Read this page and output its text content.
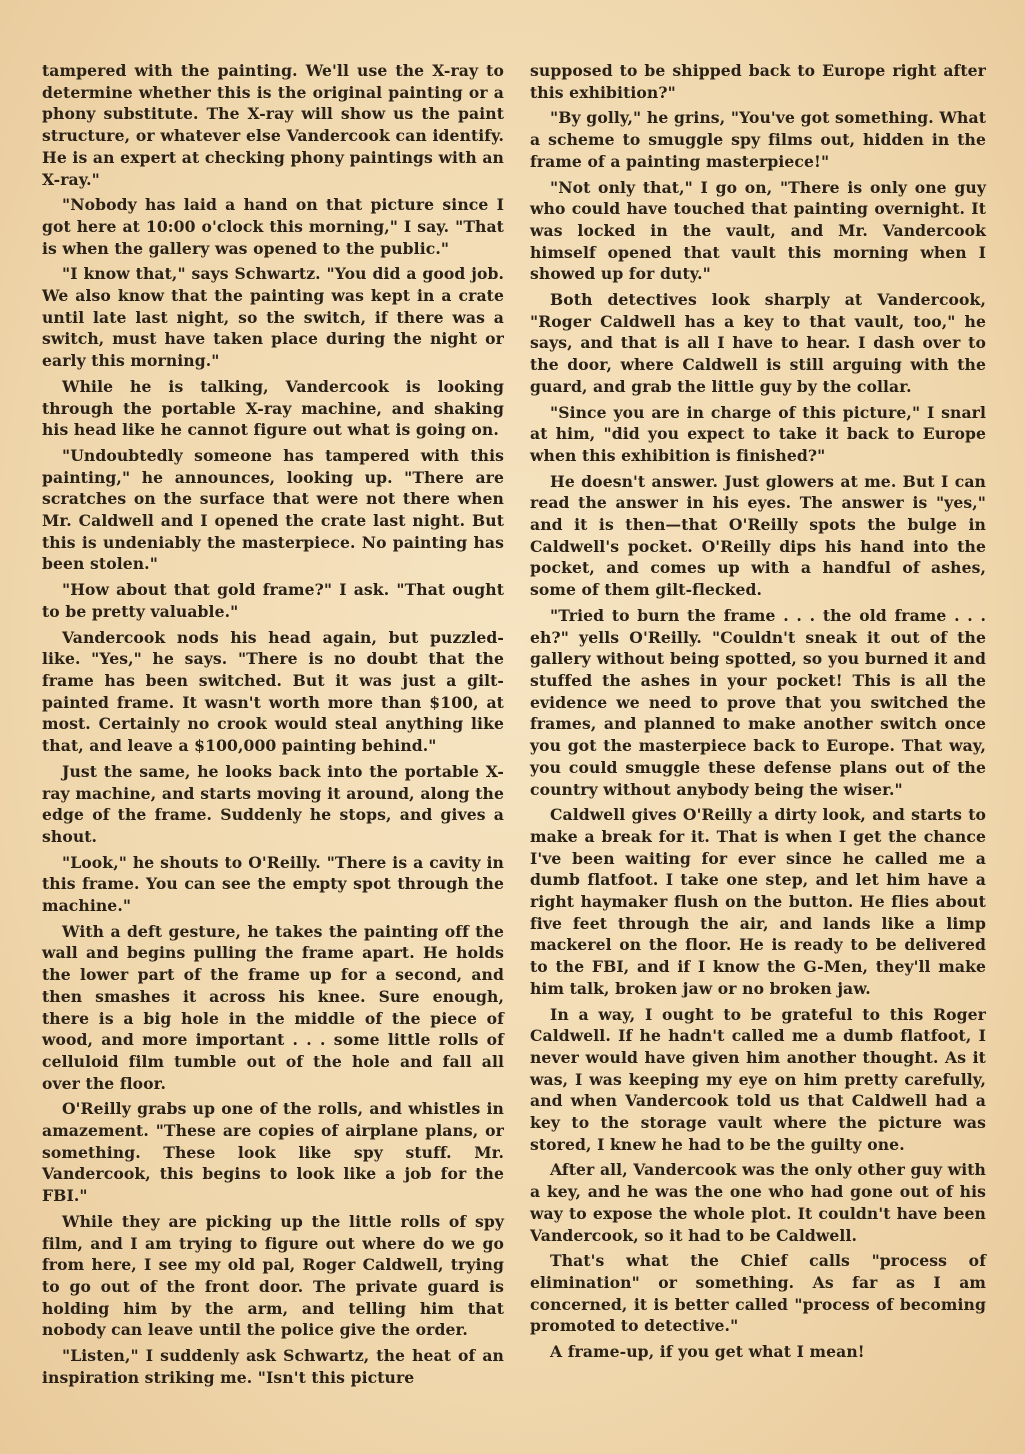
tampered with the painting. We'll use the X-ray to determine whether this is the original painting or a phony substitute. The X-ray will show us the paint structure, or whatever else Vandercook can identify. He is an expert at checking phony paintings with an X-ray."

"Nobody has laid a hand on that picture since I got here at 10:00 o'clock this morning," I say. "That is when the gallery was opened to the public."

"I know that," says Schwartz. "You did a good job. We also know that the painting was kept in a crate until late last night, so the switch, if there was a switch, must have taken place during the night or early this morning."

While he is talking, Vandercook is looking through the portable X-ray machine, and shaking his head like he cannot figure out what is going on.

"Undoubtedly someone has tampered with this painting," he announces, looking up. "There are scratches on the surface that were not there when Mr. Caldwell and I opened the crate last night. But this is undeniably the masterpiece. No painting has been stolen."

"How about that gold frame?" I ask. "That ought to be pretty valuable."

Vandercook nods his head again, but puzzled-like. "Yes," he says. "There is no doubt that the frame has been switched. But it was just a gilt-painted frame. It wasn't worth more than $100, at most. Certainly no crook would steal anything like that, and leave a $100,000 painting behind."

Just the same, he looks back into the portable X-ray machine, and starts moving it around, along the edge of the frame. Suddenly he stops, and gives a shout.

"Look," he shouts to O'Reilly. "There is a cavity in this frame. You can see the empty spot through the machine."

With a deft gesture, he takes the painting off the wall and begins pulling the frame apart. He holds the lower part of the frame up for a second, and then smashes it across his knee. Sure enough, there is a big hole in the middle of the piece of wood, and more important . . . some little rolls of celluloid film tumble out of the hole and fall all over the floor.

O'Reilly grabs up one of the rolls, and whistles in amazement. "These are copies of airplane plans, or something. These look like spy stuff. Mr. Vandercook, this begins to look like a job for the FBI."

While they are picking up the little rolls of spy film, and I am trying to figure out where do we go from here, I see my old pal, Roger Caldwell, trying to go out of the front door. The private guard is holding him by the arm, and telling him that nobody can leave until the police give the order.

"Listen," I suddenly ask Schwartz, the heat of an inspiration striking me. "Isn't this picture

supposed to be shipped back to Europe right after this exhibition?"

"By golly," he grins, "You've got something. What a scheme to smuggle spy films out, hidden in the frame of a painting masterpiece!"

"Not only that," I go on, "There is only one guy who could have touched that painting overnight. It was locked in the vault, and Mr. Vandercook himself opened that vault this morning when I showed up for duty."

Both detectives look sharply at Vandercook, "Roger Caldwell has a key to that vault, too," he says, and that is all I have to hear. I dash over to the door, where Caldwell is still arguing with the guard, and grab the little guy by the collar.

"Since you are in charge of this picture," I snarl at him, "did you expect to take it back to Europe when this exhibition is finished?"

He doesn't answer. Just glowers at me. But I can read the answer in his eyes. The answer is "yes," and it is then—that O'Reilly spots the bulge in Caldwell's pocket. O'Reilly dips his hand into the pocket, and comes up with a handful of ashes, some of them gilt-flecked.

"Tried to burn the frame . . . the old frame . . . eh?" yells O'Reilly. "Couldn't sneak it out of the gallery without being spotted, so you burned it and stuffed the ashes in your pocket! This is all the evidence we need to prove that you switched the frames, and planned to make another switch once you got the masterpiece back to Europe. That way, you could smuggle these defense plans out of the country without anybody being the wiser."

Caldwell gives O'Reilly a dirty look, and starts to make a break for it. That is when I get the chance I've been waiting for ever since he called me a dumb flatfoot. I take one step, and let him have a right haymaker flush on the button. He flies about five feet through the air, and lands like a limp mackerel on the floor. He is ready to be delivered to the FBI, and if I know the G-Men, they'll make him talk, broken jaw or no broken jaw.

In a way, I ought to be grateful to this Roger Caldwell. If he hadn't called me a dumb flatfoot, I never would have given him another thought. As it was, I was keeping my eye on him pretty carefully, and when Vandercook told us that Caldwell had a key to the storage vault where the picture was stored, I knew he had to be the guilty one.

After all, Vandercook was the only other guy with a key, and he was the one who had gone out of his way to expose the whole plot. It couldn't have been Vandercook, so it had to be Caldwell.

That's what the Chief calls "process of elimination" or something. As far as I am concerned, it is better called "process of becoming promoted to detective."

A frame-up, if you get what I mean!
